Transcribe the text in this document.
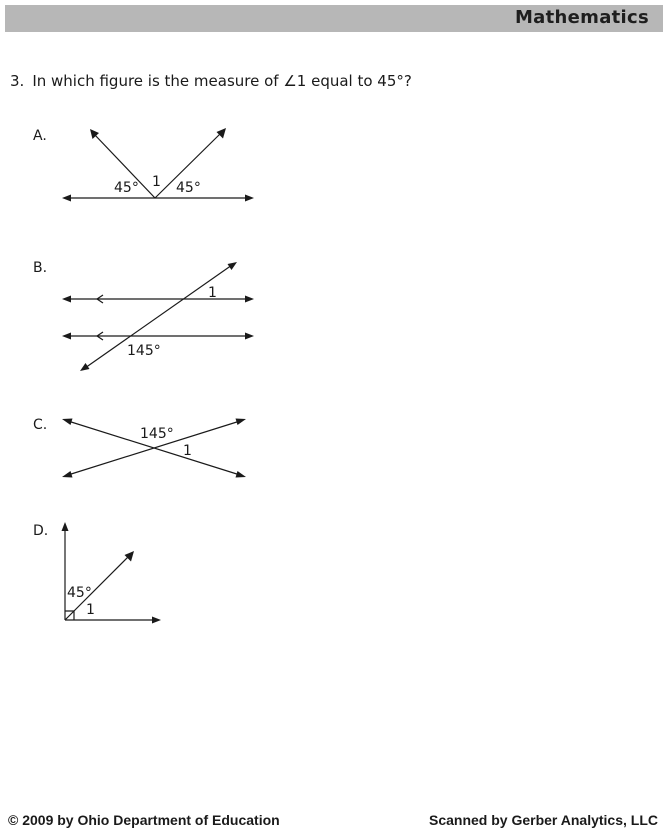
Mathematics
3. In which figure is the measure of ∠1 equal to 45°?
A.
45° 1 45°
B.
1
145°
C.
145°
1
D.
45°
1
© 2009 by Ohio Department of Education	Scanned by Gerber Analytics, LLC
